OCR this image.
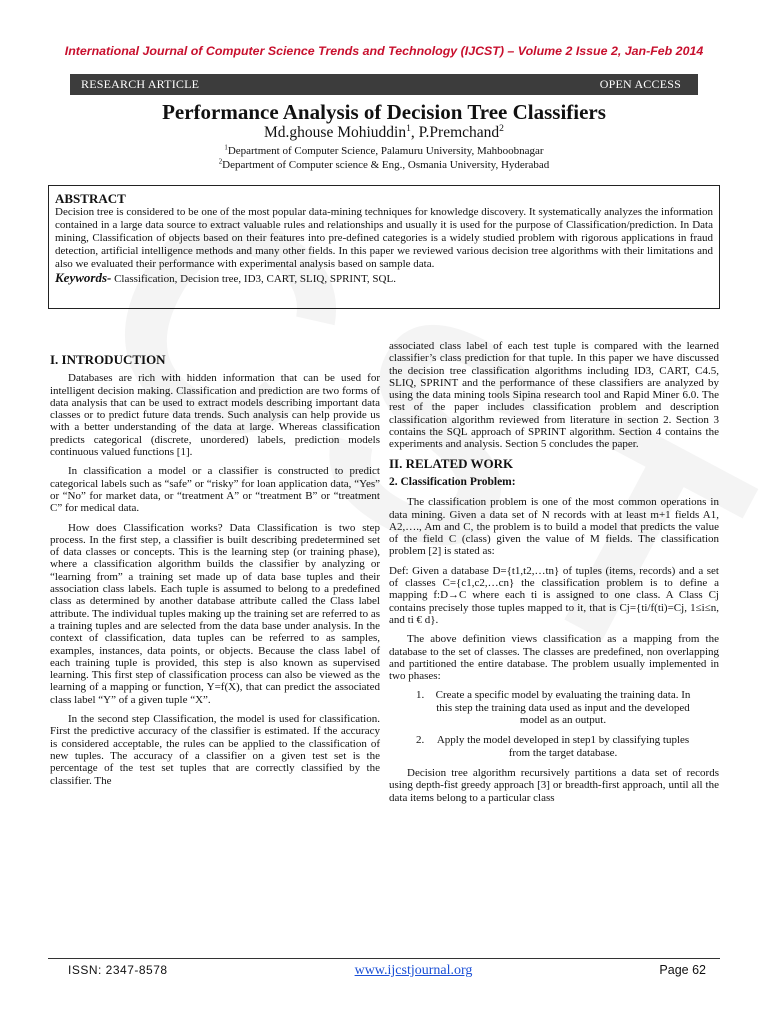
International Journal of Computer Science Trends and Technology (IJCST) – Volume 2 Issue 2, Jan-Feb 2014
RESEARCH ARTICLE	OPEN ACCESS
Performance Analysis of Decision Tree Classifiers
Md.ghouse Mohiuddin$^1$, P.Premchand$^2$
$^1$Department of Computer Science, Palamuru University, Mahboobnagar
$^2$Department of Computer science & Eng., Osmania University, Hyderabad
ABSTRACT

Decision tree is considered to be one of the most popular data-mining techniques for knowledge discovery. It systematically analyzes the information contained in a large data source to extract valuable rules and relationships and usually it is used for the purpose of Classification/prediction. In Data mining, Classification of objects based on their features into pre-defined categories is a widely studied problem with rigorous applications in fraud detection, artificial intelligence methods and many other fields. In this paper we reviewed various decision tree algorithms with their limitations and also we evaluated their performance with experimental analysis based on sample data.

Keywords- Classification, Decision tree, ID3, CART, SLIQ, SPRINT, SQL.

I. INTRODUCTION

Databases are rich with hidden information that can be used for intelligent decision making. Classification and prediction are two forms of data analysis that can be used to extract models describing important data classes or to predict future data trends. Such analysis can help provide us with a better understanding of the data at large. Whereas classification predicts categorical (discrete, unordered) labels, prediction models continuous valued functions [1].

In classification a model or a classifier is constructed to predict categorical labels such as “safe” or “risky” for loan application data, “Yes” or “No” for market data, or “treatment A” or “treatment B” or “treatment C” for medical data.

How does Classification works? Data Classification is two step process. In the first step, a classifier is built describing predetermined set of data classes or concepts. This is the learning step (or training phase), where a classification algorithm builds the classifier by analyzing or “learning from” a training set made up of data base tuples and their association class labels. Each tuple is assumed to belong to a predefined class as determined by another database attribute called the Class label attribute. The individual tuples making up the training set are referred to as a training tuples and are selected from the data base under analysis. In the context of classification, data tuples can be referred to as samples, examples, instances, data points, or objects. Because the class label of each training tuple is provided, this step is also known as supervised learning. This first step of classification process can also be viewed as the learning of a mapping or function, Y=f(X), that can predict the associated class label “Y” of a given tuple “X”.

In the second step Classification, the model is used for classification. First the predictive accuracy of the classifier is estimated. If the accuracy is considered acceptable, the rules can be applied to the classification of new tuples. The accuracy of a classifier on a given test set is the percentage of the test set tuples that are correctly classified by the classifier. The

associated class label of each test tuple is compared with the learned classifier’s class prediction for that tuple. In this paper we have discussed the decision tree classification algorithms including ID3, CART, C4.5, SLIQ, SPRINT and the performance of these classifiers are analyzed by using the data mining tools Sipina research tool and Rapid Miner 6.0. The rest of the paper includes classification problem and description classification algorithm reviewed from literature in section 2. Section 3 contains the SQL approach of SPRINT algorithm. Section 4 contains the experiments and analysis. Section 5 concludes the paper.

II. RELATED WORK
2. Classification Problem:

The classification problem is one of the most common operations in data mining. Given a data set of N records with at least m+1 fields A1, A2,…., Am and C, the problem is to build a model that predicts the value of the field C (class) given the value of M fields. The classification problem [2] is stated as:

Def: Given a database D={t1,t2,…tn} of tuples (items, records) and a set of classes C={c1,c2,…cn} the classification problem is to define a mapping f:D→C where each ti is assigned to one class. A Class Cj contains precisely those tuples mapped to it, that is Cj={ti/f(ti)=Cj, 1≤i≤n, and ti € d}.

The above definition views classification as a mapping from the database to the set of classes. The classes are predefined, non overlapping and partitioned the entire database. The problem usually implemented in two phases:

1. Create a specific model by evaluating the training data. In this step the training data used as input and the developed model as an output.
2. Apply the model developed in step1 by classifying tuples from the target database.

Decision tree algorithm recursively partitions a data set of records using depth-fist greedy approach [3] or breadth-first approach, until all the data items belong to a particular class

ISSN: 2347-8578	www.ijcstjournal.org	Page 62
